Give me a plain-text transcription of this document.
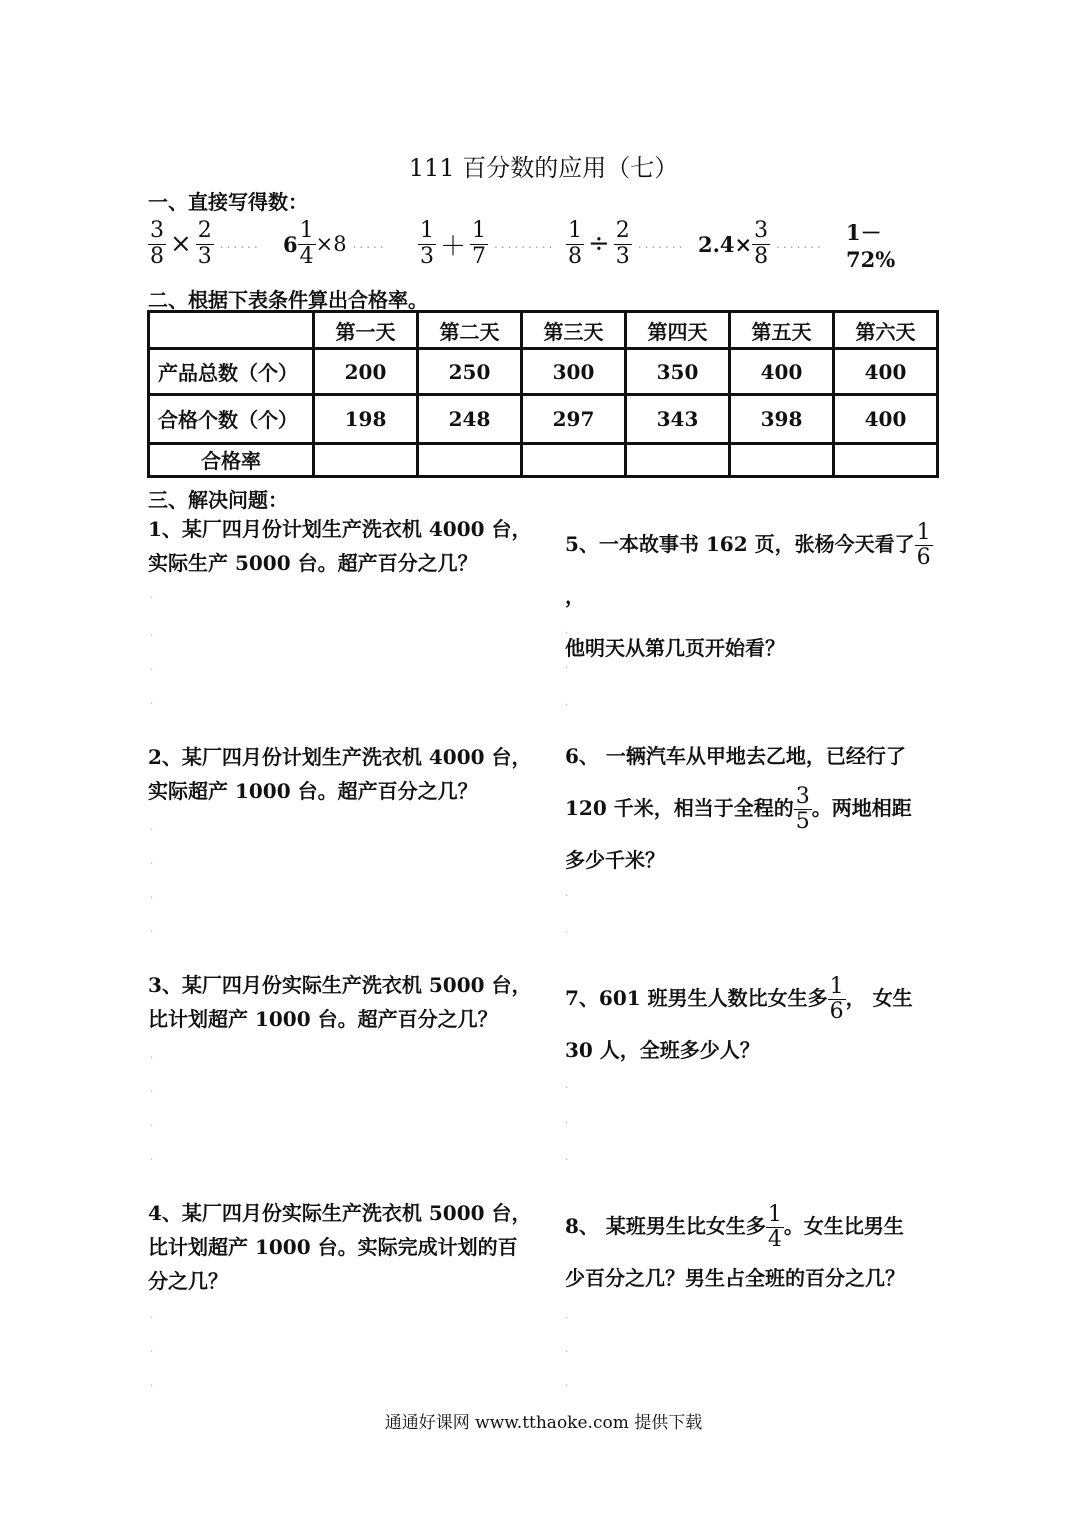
111 百分数的应用（七）
一、直接写得数：
$\frac{3}{8} \times \frac{2}{3}$ ...... $6 \frac{1}{4} \times 8$ ..... $\frac{1}{3} + \frac{1}{7}$ ......... $\frac{1}{8} \div \frac{2}{3}$ ....... $2.4\times \frac{3}{8}$ ....... 1－72%
二、根据下表条件算出合格率。
	第一天	第二天	第三天	第四天	第五天	第六天
产品总数（个）	200	250	300	350	400	400
合格个数（个）	198	248	297	343	398	400
合格率						
三、解决问题：
1、某厂四月份计划生产洗衣机 4000 台，
实际生产 5000 台。超产百分之几？
2、某厂四月份计划生产洗衣机 4000 台，
实际超产 1000 台。超产百分之几？
3、某厂四月份实际生产洗衣机 5000 台，
比计划超产 1000 台。超产百分之几？
4、某厂四月份实际生产洗衣机 5000 台，
比计划超产 1000 台。实际完成计划的百
分之几？
5、一本故事书 162 页，张杨今天看了 $\frac{1}{6}$
，
他明天从第几页开始看？
6、 一辆汽车从甲地去乙地，已经行了
120 千米，相当于全程的 $\frac{3}{5}$ 。两地相距
多少千米？
7、601 班男生人数比女生多 $\frac{1}{6}$ ， 女生
30 人，全班多少人？
8、 某班男生比女生多 $\frac{1}{4}$ 。女生比男生
少百分之几？男生占全班的百分之几？
.
.
.
.
.
.
.
.
.
.
.
.
.
.
.
.
.
.
.
.
.
.
.
.
.
.
通通好课网 www.tthaoke.com 提供下载
